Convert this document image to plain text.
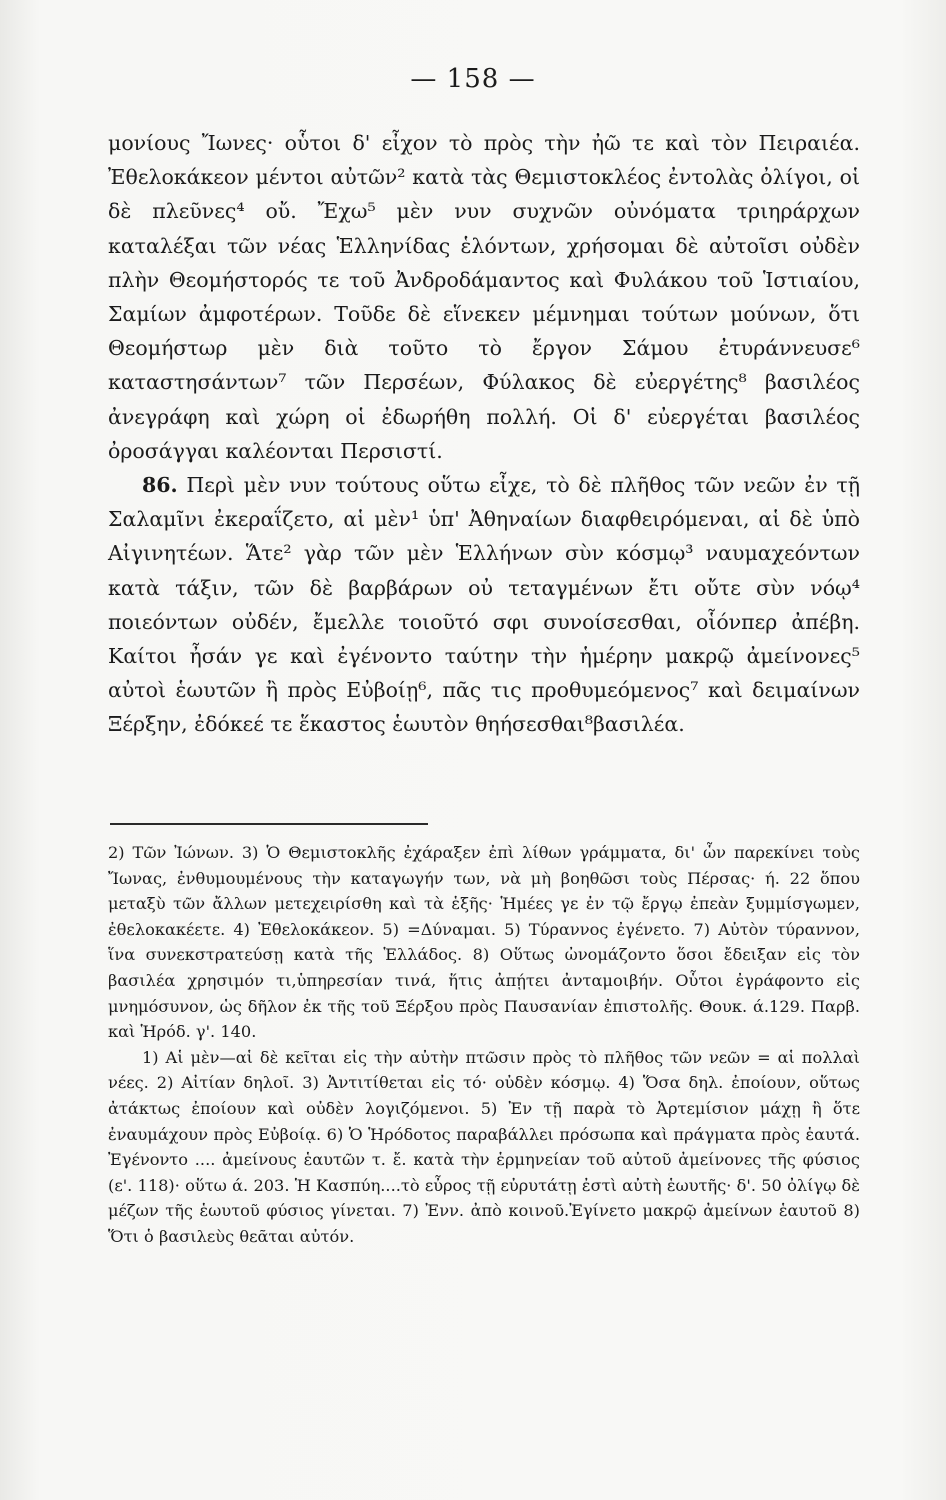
— 158 —

μονίους Ἴωνες· οὗτοι δ' εἶχον τὸ πρὸς τὴν ἠῶ τε καὶ τὸν Πειραιέα. Ἐθελοκάκεον μέντοι αὐτῶν² κατὰ τὰς Θεμιστοκλέος ἐντολὰς ὀλίγοι, οἱ δὲ πλεῦνες⁴ οὔ. Ἔχω⁵ μὲν νυν συχνῶν οὐνόματα τριηράρχων καταλέξαι τῶν νέας Ἑλληνίδας ἑλόντων, χρήσομαι δὲ αὐτοῖσι οὐδὲν πλὴν Θεομήστορός τε τοῦ Ἀνδροδάμαντος καὶ Φυλάκου τοῦ Ἱστιαίου, Σαμίων ἀμφοτέρων. Τοῦδε δὲ εἵνεκεν μέμνημαι τούτων μούνων, ὅτι Θεομήστωρ μὲν διὰ τοῦτο τὸ ἔργον Σάμου ἐτυράννευσε⁶ καταστησάντων⁷ τῶν Περσέων, Φύλακος δὲ εὐεργέτης⁸ βασιλέος ἀνεγράφη καὶ χώρη οἱ ἐδωρήθη πολλή. Οἱ δ' εὐεργέται βασιλέος ὀροσάγγαι καλέονται Περσιστί.

86. Περὶ μὲν νυν τούτους οὕτω εἶχε, τὸ δὲ πλῆθος τῶν νεῶν ἐν τῇ Σαλαμῖνι ἐκεραΐζετο, αἱ μὲν¹ ὑπ' Ἀθηναίων διαφθειρόμεναι, αἱ δὲ ὑπὸ Αἰγινητέων. Ἅτε² γὰρ τῶν μὲν Ἑλλήνων σὺν κόσμῳ³ ναυμαχεόντων κατὰ τάξιν, τῶν δὲ βαρβάρων οὐ τεταγμένων ἔτι οὔτε σὺν νόῳ⁴ ποιεόντων οὐδέν, ἔμελλε τοιοῦτό σφι συνοίσεσθαι, οἷόνπερ ἀπέβη. Καίτοι ἦσάν γε καὶ ἐγένοντο ταύτην τὴν ἡμέρην μακρῷ ἀμείνονες⁵ αὐτοὶ ἑωυτῶν ἢ πρὸς Εὐβοίῃ⁶, πᾶς τις προθυμεόμενος⁷ καὶ δειμαίνων Ξέρξην, ἐδόκεέ τε ἕκαστος ἑωυτὸν θηήσεσθαι⁸βασιλέα.

2) Τῶν Ἰώνων. 3) Ὁ Θεμιστοκλῆς ἐχάραξεν ἐπὶ λίθων γράμματα, δι' ὧν παρεκίνει τοὺς Ἴωνας, ἐνθυμουμένους τὴν καταγωγήν των, νὰ μὴ βοηθῶσι τοὺς Πέρσας· ή. 22 ὅπου μεταξὺ τῶν ἄλλων μετεχειρίσθη καὶ τὰ ἑξῆς· Ἡμέες γε ἐν τῷ ἔργῳ ἐπεὰν ξυμμίσγωμεν, ἐθελοκακέετε. 4) Ἐθελοκάκεον. 5) =Δύναμαι. 5) Τύραννος ἐγένετο. 7) Αὐτὸν τύραννον, ἵνα συνεκστρατεύσῃ κατὰ τῆς Ἑλλάδος. 8) Οὕτως ὠνομάζοντο ὅσοι ἔδειξαν εἰς τὸν βασιλέα χρησιμόν τι,ὑπηρεσίαν τινά, ἥτις ἀπῄτει ἀνταμοιβήν. Οὗτοι ἐγράφοντο εἰς μνημόσυνον, ὡς δῆλον ἐκ τῆς τοῦ Ξέρξου πρὸς Παυσανίαν ἐπιστολῆς. Θουκ. ά.129. Παρβ. καὶ Ἡρόδ. γ'. 140.

1) Αἱ μὲν—αἱ δὲ κεῖται εἰς τὴν αὐτὴν πτῶσιν πρὸς τὸ πλῆθος τῶν νεῶν = αἱ πολλαὶ νέες. 2) Αἰτίαν δηλοῖ. 3) Ἀντιτίθεται εἰς τό· οὐδὲν κόσμῳ. 4) Ὅσα δηλ. ἐποίουν, οὕτως ἀτάκτως ἐποίουν καὶ οὐδὲν λογιζόμενοι. 5) Ἐν τῇ παρὰ τὸ Ἀρτεμίσιον μάχῃ ἢ ὅτε ἐναυμάχουν πρὸς Εὐβοίᾳ. 6) Ὁ Ἡρόδοτος παραβάλλει πρόσωπα καὶ πράγματα πρὸς ἑαυτά. Ἐγένοντο .... ἀμείνους ἑαυτῶν τ. ἔ. κατὰ τὴν ἑρμηνείαν τοῦ αὐτοῦ ἀμείνονες τῆς φύσιος (ε'. 118)· οὕτω ά. 203. Ἡ Κασπύη....τὸ εὖρος τῇ εὐρυτάτῃ ἐστὶ αὐτὴ ἑωυτῆς· δ'. 50 ὀλίγῳ δὲ μέζων τῆς ἑωυτοῦ φύσιος γίνεται. 7) Ἐνν. ἀπὸ κοινοῦ.Ἐγίνετο μακρῷ ἀμείνων ἑαυτοῦ 8) Ὅτι ὁ βασιλεὺς θεᾶται αὐτόν.
